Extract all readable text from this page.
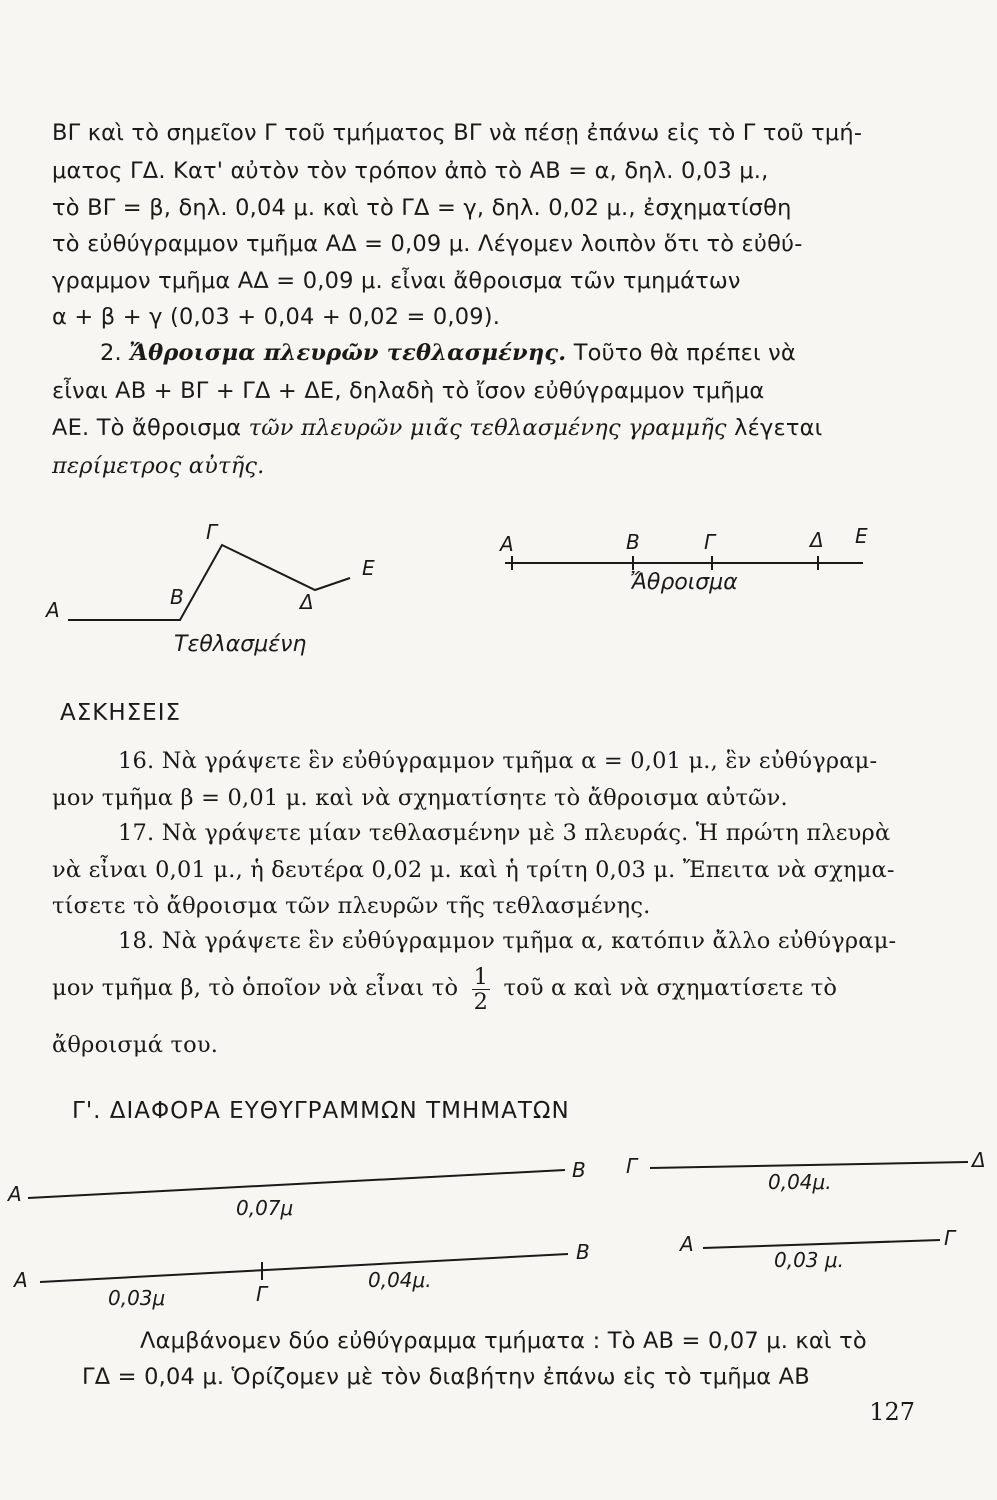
ΒΓ καὶ τὸ σημεῖον Γ τοῦ τμήματος ΒΓ νὰ πέσῃ ἐπάνω εἰς τὸ Γ τοῦ τμή-
ματος ΓΔ. Κατ' αὐτὸν τὸν τρόπον ἀπὸ τὸ ΑΒ = α, δηλ. 0,03 μ.,
τὸ ΒΓ = β, δηλ. 0,04 μ. καὶ τὸ ΓΔ = γ, δηλ. 0,02 μ., ἐσχηματίσθη
τὸ εὐθύγραμμον τμῆμα ΑΔ = 0,09 μ. Λέγομεν λοιπὸν ὅτι τὸ εὐθύ-
γραμμον τμῆμα ΑΔ = 0,09 μ. εἶναι ἄθροισμα τῶν τμημάτων
α + β + γ (0,03 + 0,04 + 0,02 = 0,09).
2. Ἄθροισμα πλευρῶν τεθλασμένης. Τοῦτο θὰ πρέπει νὰ
εἶναι ΑΒ + ΒΓ + ΓΔ + ΔΕ, δηλαδὴ τὸ ἴσον εὐθύγραμμον τμῆμα
ΑΕ. Τὸ ἄθροισμα τῶν πλευρῶν μιᾶς τεθλασμένης γραμμῆς λέγεται
περίμετρος αὐτῆς.
A
B
Γ
Δ
E
Τεθλασμένη
A	B	Γ	Δ E
Ἄθροισμα
ΑΣΚΗΣΕΙΣ
16. Νὰ γράψετε ἓν εὐθύγραμμον τμῆμα α = 0,01 μ., ἓν εὐθύγραμ-
μον τμῆμα β = 0,01 μ. καὶ νὰ σχηματίσητε τὸ ἄθροισμα αὐτῶν.
17. Νὰ γράψετε μίαν τεθλασμένην μὲ 3 πλευράς. Ἡ πρώτη πλευρὰ
νὰ εἶναι 0,01 μ., ἡ δευτέρα 0,02 μ. καὶ ἡ τρίτη 0,03 μ. Ἔπειτα νὰ σχημα-
τίσετε τὸ ἄθροισμα τῶν πλευρῶν τῆς τεθλασμένης.
18. Νὰ γράψετε ἓν εὐθύγραμμον τμῆμα α, κατόπιν ἄλλο εὐθύγραμ-
μον τμῆμα β, τὸ ὁποῖον νὰ εἶναι τὸ $\frac{1}{2}$ τοῦ α καὶ νὰ σχηματίσετε τὸ
ἄθροισμά του.
Γ'. ΔΙΑΦΟΡΑ ΕΥΘΥΓΡΑΜΜΩΝ ΤΜΗΜΑΤΩΝ
A
B
0,07μ
Γ	Δ
0,04μ.
A
B
Γ
0,03μ
0,04μ.
A	Γ
0,03 μ.
Λαμβάνομεν δύο εὐθύγραμμα τμήματα : Τὸ ΑΒ = 0,07 μ. καὶ τὸ
ΓΔ = 0,04 μ. Ὁρίζομεν μὲ τὸν διαβήτην ἐπάνω εἰς τὸ τμῆμα ΑΒ
127
